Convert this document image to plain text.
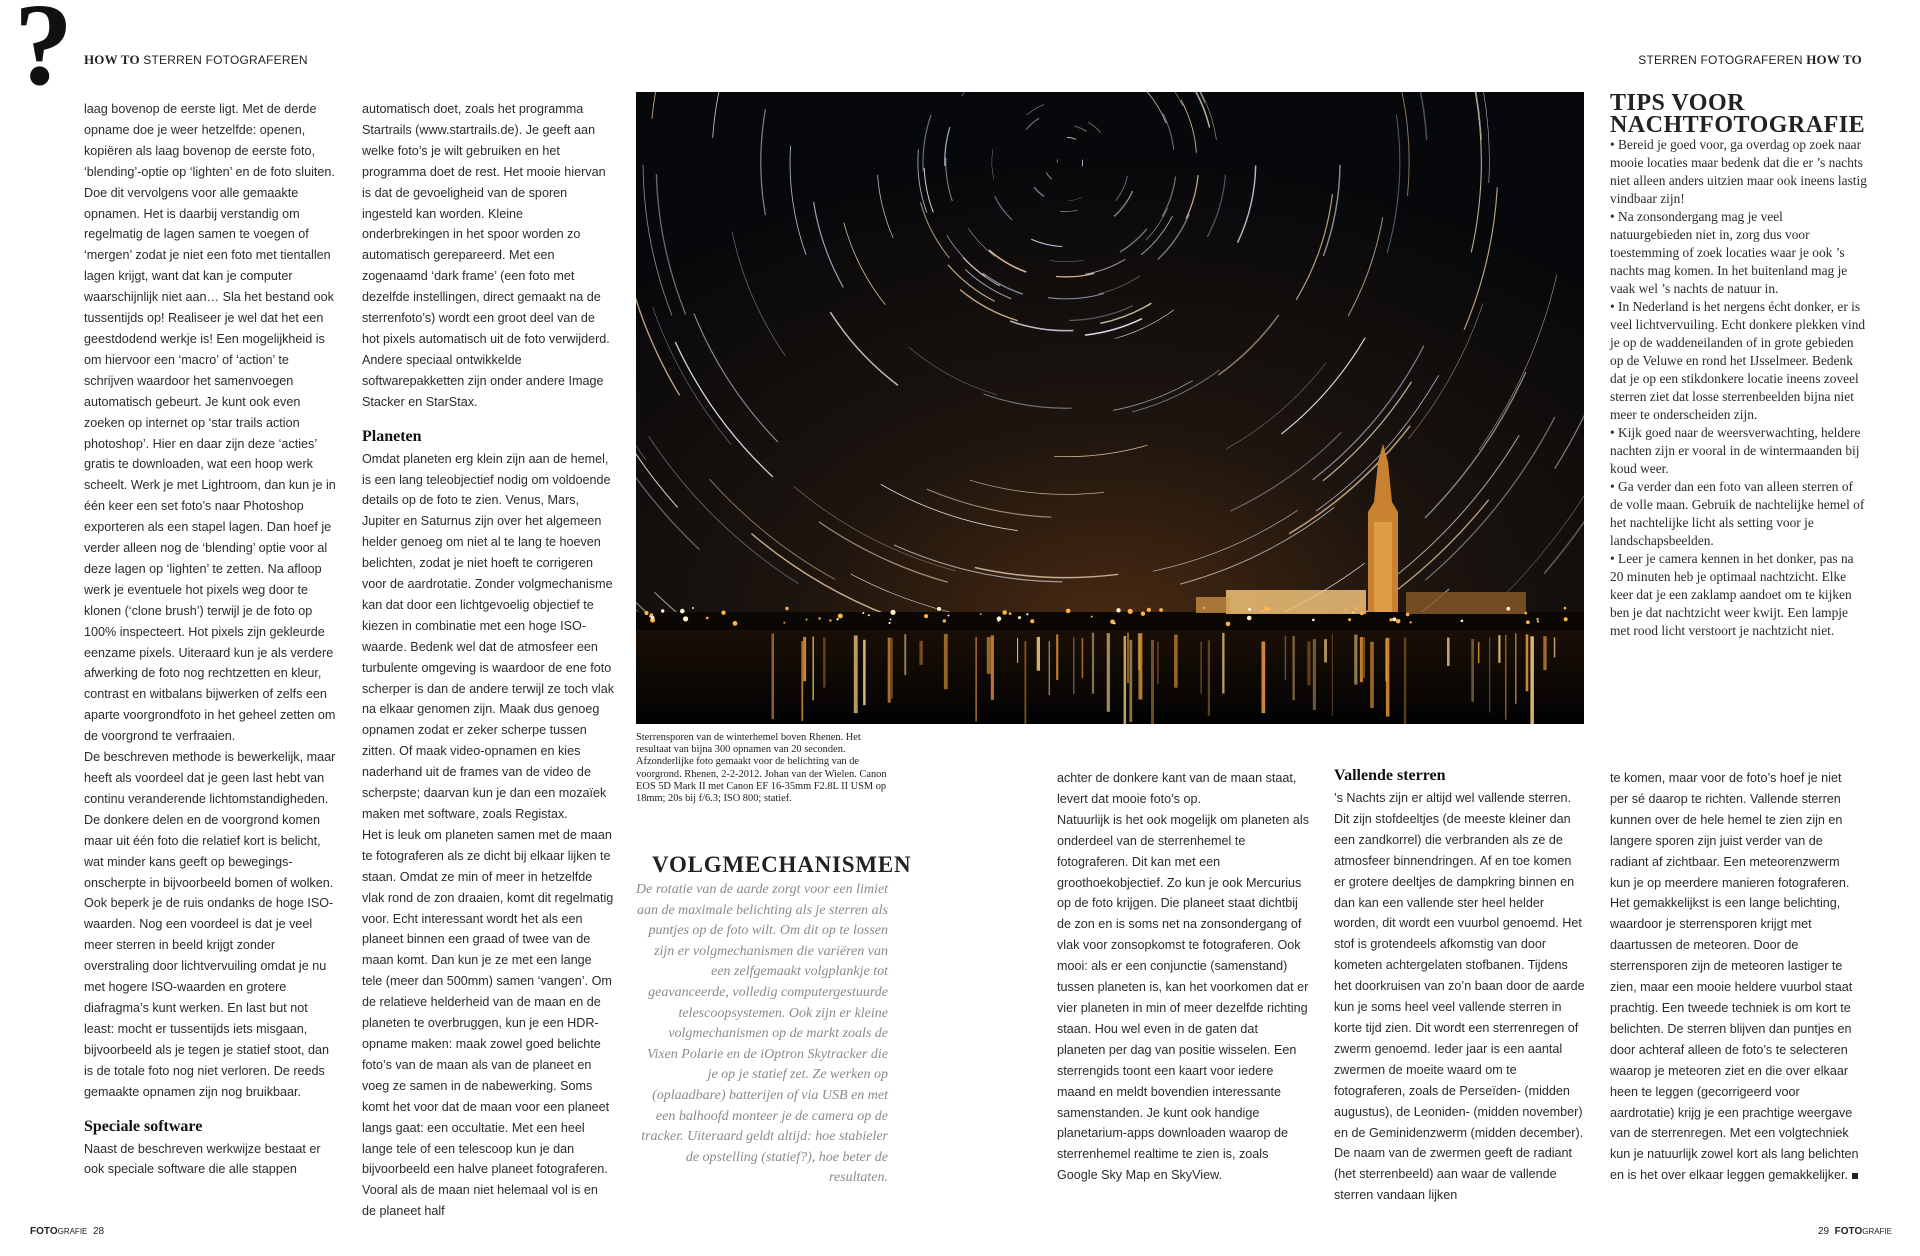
? HOW TO STERREN FOTOGRAFEREN	STERREN FOTOGRAFEREN HOW TO

laag bovenop de eerste ligt. Met de derde opname doe je weer hetzelfde: openen, kopiëren als laag bovenop de eerste foto, ‘blending’-optie op ‘lighten’ en de foto sluiten. Doe dit vervolgens voor alle gemaakte opnamen. Het is daarbij verstandig om regelmatig de lagen samen te voegen of ‘mergen’ zodat je niet een foto met tientallen lagen krijgt, want dat kan je computer waarschijnlijk niet aan… Sla het bestand ook tussentijds op! Realiseer je wel dat het een geestdodend werkje is! Een mogelijkheid is om hiervoor een ‘macro’ of ‘action’ te schrijven waardoor het samenvoegen automatisch gebeurt. Je kunt ook even zoeken op internet op ‘star trails action photoshop’. Hier en daar zijn deze ‘acties’ gratis te downloaden, wat een hoop werk scheelt. Werk je met Lightroom, dan kun je in één keer een set foto’s naar Photoshop exporteren als een stapel lagen. Dan hoef je verder alleen nog de ‘blending’ optie voor al deze lagen op ‘lighten’ te zetten. Na afloop werk je eventuele hot pixels weg door te klonen (‘clone brush’) terwijl je de foto op 100% inspecteert. Hot pixels zijn gekleurde eenzame pixels. Uiteraard kun je als verdere afwerking de foto nog rechtzetten en kleur, contrast en witbalans bijwerken of zelfs een aparte voorgrondfoto in het geheel zetten om de voorgrond te verfraaien.

De beschreven methode is bewerkelijk, maar heeft als voordeel dat je geen last hebt van continu veranderende lichtomstandigheden. De donkere delen en de voorgrond komen maar uit één foto die relatief kort is belicht, wat minder kans geeft op bewegings-onscherpte in bijvoorbeeld bomen of wolken. Ook beperk je de ruis ondanks de hoge ISO-waarden. Nog een voordeel is dat je veel meer sterren in beeld krijgt zonder overstraling door lichtvervuiling omdat je nu met hogere ISO-waarden en grotere diafragma’s kunt werken. En last but not least: mocht er tussentijds iets misgaan, bijvoorbeeld als je tegen je statief stoot, dan is de totale foto nog niet verloren. De reeds gemaakte opnamen zijn nog bruikbaar.

Speciale software

Naast de beschreven werkwijze bestaat er ook speciale software die alle stappen

automatisch doet, zoals het programma Startrails (www.startrails.de). Je geeft aan welke foto’s je wilt gebruiken en het programma doet de rest. Het mooie hiervan is dat de gevoeligheid van de sporen ingesteld kan worden. Kleine onderbrekingen in het spoor worden zo automatisch gerepareerd. Met een zogenaamd ‘dark frame’ (een foto met dezelfde instellingen, direct gemaakt na de sterrenfoto’s) wordt een groot deel van de hot pixels automatisch uit de foto verwijderd. Andere speciaal ontwikkelde softwarepakketten zijn onder andere Image Stacker en StarStax.

Planeten

Omdat planeten erg klein zijn aan de hemel, is een lang teleobjectief nodig om voldoende details op de foto te zien. Venus, Mars, Jupiter en Saturnus zijn over het algemeen helder genoeg om niet al te lang te hoeven belichten, zodat je niet hoeft te corrigeren voor de aardrotatie. Zonder volgmechanisme kan dat door een lichtgevoelig objectief te kiezen in combinatie met een hoge ISO-waarde. Bedenk wel dat de atmosfeer een turbulente omgeving is waardoor de ene foto scherper is dan de andere terwijl ze toch vlak na elkaar genomen zijn. Maak dus genoeg opnamen zodat er zeker scherpe tussen zitten. Of maak video-opnamen en kies naderhand uit de frames van de video de scherpste; daarvan kun je dan een mozaïek maken met software, zoals Registax.

Het is leuk om planeten samen met de maan te fotograferen als ze dicht bij elkaar lijken te staan. Omdat ze min of meer in hetzelfde vlak rond de zon draaien, komt dit regelmatig voor. Echt interessant wordt het als een planeet binnen een graad of twee van de maan komt. Dan kun je ze met een lange tele (meer dan 500mm) samen ‘vangen’. Om de relatieve helderheid van de maan en de planeten te overbruggen, kun je een HDR-opname maken: maak zowel goed belichte foto’s van de maan als van de planeet en voeg ze samen in de nabewerking. Soms komt het voor dat de maan voor een planeet langs gaat: een occultatie. Met een heel lange tele of een telescoop kun je dan bijvoorbeeld een halve planeet fotograferen. Vooral als de maan niet helemaal vol is en de planeet half

Sterrensporen van de winterhemel boven Rhenen. Het resultaat van bijna 300 opnamen van 20 seconden. Afzonderlijke foto gemaakt voor de belichting van de voorgrond. Rhenen, 2-2-2012. Johan van der Wielen. Canon EOS 5D Mark II met Canon EF 16-35mm F2.8L II USM op 18mm; 20s bij f/6.3; ISO 800; statief.
VOLGMECHANISMEN
De rotatie van de aarde zorgt voor een limiet aan de maximale belichting als je sterren als puntjes op de foto wilt. Om dit op te lossen zijn er volgmechanismen die variëren van een zelfgemaakt volgplankje tot geavanceerde, volledig computergestuurde telescoopsystemen. Ook zijn er kleine volgmechanismen op de markt zoals de Vixen Polarie en de iOptron Skytracker die je op je statief zet. Ze werken op (oplaadbare) batterijen of via USB en met een balhoofd monteer je de camera op de tracker. Uiteraard geldt altijd: hoe stabieler de opstelling (statief?), hoe beter de resultaten.
TIPS VOOR NACHTFOTOGRAFIE

• Bereid je goed voor, ga overdag op zoek naar mooie locaties maar bedenk dat die er ’s nachts niet alleen anders uitzien maar ook ineens lastig vindbaar zijn!

• Na zonsondergang mag je veel natuurgebieden niet in, zorg dus voor toestemming of zoek locaties waar je ook ’s nachts mag komen. In het buitenland mag je vaak wel ’s nachts de natuur in.

• In Nederland is het nergens écht donker, er is veel lichtvervuiling. Echt donkere plekken vind je op de waddeneilanden of in grote gebieden op de Veluwe en rond het IJsselmeer. Bedenk dat je op een stikdonkere locatie ineens zoveel sterren ziet dat losse sterrenbeelden bijna niet meer te onderscheiden zijn.

• Kijk goed naar de weersverwachting, heldere nachten zijn er vooral in de wintermaanden bij koud weer.

• Ga verder dan een foto van alleen sterren of de volle maan. Gebruik de nachtelijke hemel of het nachtelijke licht als setting voor je landschapsbeelden.

• Leer je camera kennen in het donker, pas na 20 minuten heb je optimaal nachtzicht. Elke keer dat je een zaklamp aandoet om te kijken ben je dat nachtzicht weer kwijt. Een lampje met rood licht verstoort je nachtzicht niet.

achter de donkere kant van de maan staat, levert dat mooie foto’s op.

Natuurlijk is het ook mogelijk om planeten als onderdeel van de sterrenhemel te fotograferen. Dit kan met een groothoekobjectief. Zo kun je ook Mercurius op de foto krijgen. Die planeet staat dichtbij de zon en is soms net na zonsondergang of vlak voor zonsopkomst te fotograferen. Ook mooi: als er een conjunctie (samenstand) tussen planeten is, kan het voorkomen dat er vier planeten in min of meer dezelfde richting staan. Hou wel even in de gaten dat planeten per dag van positie wisselen. Een sterrengids toont een kaart voor iedere maand en meldt bovendien interessante samenstanden. Je kunt ook handige planetarium-apps downloaden waarop de sterrenhemel realtime te zien is, zoals Google Sky Map en SkyView.

Vallende sterren

’s Nachts zijn er altijd wel vallende sterren. Dit zijn stofdeeltjes (de meeste kleiner dan een zandkorrel) die verbranden als ze de atmosfeer binnendringen. Af en toe komen er grotere deeltjes de dampkring binnen en dan kan een vallende ster heel helder worden, dit wordt een vuurbol genoemd. Het stof is grotendeels afkomstig van door kometen achtergelaten stofbanen. Tijdens het doorkruisen van zo’n baan door de aarde kun je soms heel veel vallende sterren in korte tijd zien. Dit wordt een sterrenregen of zwerm genoemd. Ieder jaar is een aantal zwermen de moeite waard om te fotograferen, zoals de Perseïden- (midden augustus), de Leoniden- (midden november) en de Geminidenzwerm (midden december). De naam van de zwermen geeft de radiant (het sterrenbeeld) aan waar de vallende sterren vandaan lijken

te komen, maar voor de foto’s hoef je niet per sé daarop te richten. Vallende sterren kunnen over de hele hemel te zien zijn en langere sporen zijn juist verder van de radiant af zichtbaar. Een meteorenzwerm kun je op meerdere manieren fotograferen. Het gemakkelijkst is een lange belichting, waardoor je sterrensporen krijgt met daartussen de meteoren. Door de sterrensporen zijn de meteoren lastiger te zien, maar een mooie heldere vuurbol staat prachtig. Een tweede techniek is om kort te belichten. De sterren blijven dan puntjes en door achteraf alleen de foto’s te selecteren waarop je meteoren ziet en die over elkaar heen te leggen (gecorrigeerd voor aardrotatie) krijg je een prachtige weergave van de sterrenregen. Met een volgtechniek kun je natuurlijk zowel kort als lang belichten en is het over elkaar leggen gemakkelijker.

FOTOGRAFIE 28	29 FOTOGRAFIE
